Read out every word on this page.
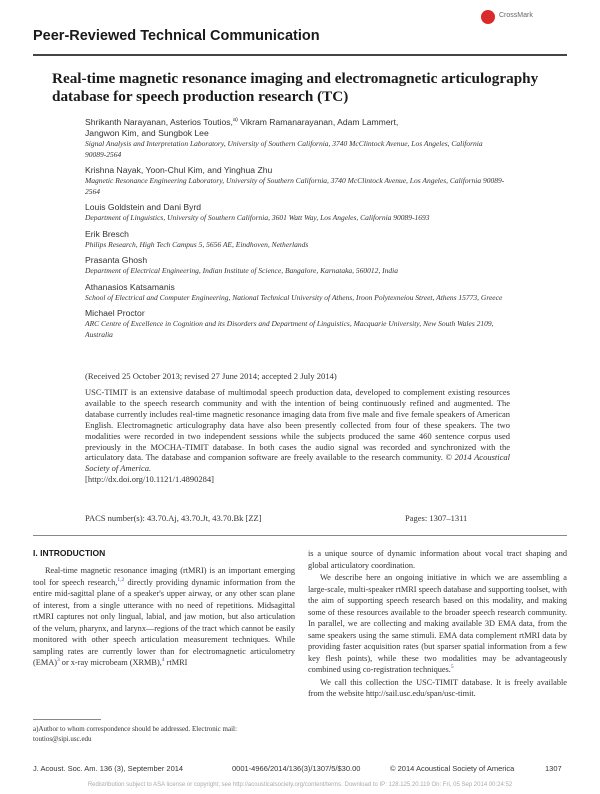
CrossMark
Peer-Reviewed Technical Communication
Real-time magnetic resonance imaging and electromagnetic articulography database for speech production research (TC)
Shrikanth Narayanan, Asterios Toutios,$^{a)}$ Vikram Ramanarayanan, Adam Lammert,
Jangwon Kim, and Sungbok Lee
Signal Analysis and Interpretation Laboratory, University of Southern California, 3740 McClintock Avenue, Los Angeles, California 90089-2564
Krishna Nayak, Yoon-Chul Kim, and Yinghua Zhu
Magnetic Resonance Engineering Laboratory, University of Southern California, 3740 McClintock Avenue, Los Angeles, California 90089-2564
Louis Goldstein and Dani Byrd
Department of Linguistics, University of Southern California, 3601 Watt Way, Los Angeles, California 90089-1693
Erik Bresch
Philips Research, High Tech Campus 5, 5656 AE, Eindhoven, Netherlands
Prasanta Ghosh
Department of Electrical Engineering, Indian Institute of Science, Bangalore, Karnataka, 560012, India
Athanasios Katsamanis
School of Electrical and Computer Engineering, National Technical University of Athens, Iroon Polytexneiou Street, Athens 15773, Greece
Michael Proctor
ARC Centre of Excellence in Cognition and its Disorders and Department of Linguistics, Macquarie University, New South Wales 2109, Australia
(Received 25 October 2013; revised 27 June 2014; accepted 2 July 2014)
USC-TIMIT is an extensive database of multimodal speech production data, developed to complement existing resources available to the speech research community and with the intention of being continuously refined and augmented. The database currently includes real-time magnetic resonance imaging data from five male and five female speakers of American English. Electromagnetic articulography data have also been presently collected from four of these speakers. The two modalities were recorded in two independent sessions while the subjects produced the same 460 sentence corpus used previously in the MOCHA-TIMIT database. In both cases the audio signal was recorded and synchronized with the articulatory data. The database and companion software are freely available to the research community. © 2014 Acoustical Society of America.
[http://dx.doi.org/10.1121/1.4890284]
PACS number(s): 43.70.Aj, 43.70.Jt, 43.70.Bk [ZZ]	Pages: 1307–1311
I. INTRODUCTION
Real-time magnetic resonance imaging (rtMRI) is an important emerging tool for speech research,$^{1,2}$ directly providing dynamic information from the entire mid-sagittal plane of a speaker's upper airway, or any other scan plane of interest, from a single utterance with no need of repetitions. Midsagittal rtMRI captures not only lingual, labial, and jaw motion, but also articulation of the velum, pharynx, and larynx—regions of the tract which cannot be easily monitored with other speech articulation measurement techniques. While sampling rates are currently lower than for electromagnetic articulometry (EMA)$^3$ or x-ray microbeam (XRMB),$^4$ rtMRI
is a unique source of dynamic information about vocal tract shaping and global articulatory coordination.
We describe here an ongoing initiative in which we are assembling a large-scale, multi-speaker rtMRI speech database and supporting toolset, with the aim of supporting speech research based on this modality, and making some of these resources available to the broader speech research community. In parallel, we are collecting and making available 3D EMA data, from the same speakers using the same stimuli. EMA data complement rtMRI data by providing faster acquisition rates (but sparser spatial information from a few key flesh points), while these two modalities may be advantageously combined using co-registration techniques.$^5$
We call this collection the USC-TIMIT database. It is freely available from the website http://sail.usc.edu/span/usc-timit.
a)Author to whom correspondence should be addressed. Electronic mail: toutios@sipi.usc.edu
J. Acoust. Soc. Am. 136 (3), September 2014	0001-4966/2014/136(3)/1307/5/$30.00	© 2014 Acoustical Society of America	1307
Redistribution subject to ASA license or copyright; see http://acousticalsociety.org/content/terms. Download to IP: 128.125.20.119 On: Fri, 05 Sep 2014 00:24:52
